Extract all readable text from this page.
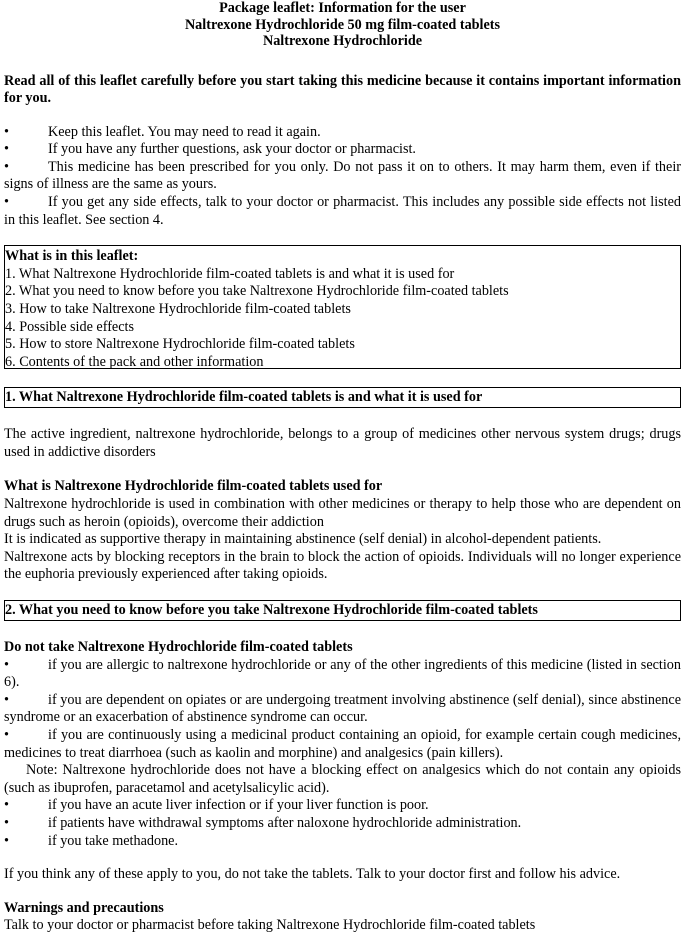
Package leaflet: Information for the user
Naltrexone Hydrochloride 50 mg film-coated tablets
Naltrexone Hydrochloride
Read all of this leaflet carefully before you start taking this medicine because it contains important information for you.
•	Keep this leaflet. You may need to read it again.
•	If you have any further questions, ask your doctor or pharmacist.
•	This medicine has been prescribed for you only. Do not pass it on to others. It may harm them, even if their signs of illness are the same as yours.
•	If you get any side effects, talk to your doctor or pharmacist. This includes any possible side effects not listed in this leaflet. See section 4.
What is in this leaflet:
1. What Naltrexone Hydrochloride film-coated tablets is and what it is used for
2. What you need to know before you take Naltrexone Hydrochloride film-coated tablets
3. How to take Naltrexone Hydrochloride film-coated tablets
4. Possible side effects
5. How to store Naltrexone Hydrochloride film-coated tablets
6. Contents of the pack and other information
1. What Naltrexone Hydrochloride film-coated tablets is and what it is used for
The active ingredient, naltrexone hydrochloride, belongs to a group of medicines other nervous system drugs; drugs used in addictive disorders
What is Naltrexone Hydrochloride film-coated tablets used for
Naltrexone hydrochloride is used in combination with other medicines or therapy to help those who are dependent on drugs such as heroin (opioids), overcome their addiction
It is indicated as supportive therapy in maintaining abstinence (self denial) in alcohol-dependent patients.
Naltrexone acts by blocking receptors in the brain to block the action of opioids. Individuals will no longer experience the euphoria previously experienced after taking opioids.
2. What you need to know before you take Naltrexone Hydrochloride film-coated tablets
Do not take Naltrexone Hydrochloride film-coated tablets
•	if you are allergic to naltrexone hydrochloride or any of the other ingredients of this medicine (listed in section 6).
•	if you are dependent on opiates or are undergoing treatment involving abstinence (self denial), since abstinence syndrome or an exacerbation of abstinence syndrome can occur.
•	if you are continuously using a medicinal product containing an opioid, for example certain cough medicines, medicines to treat diarrhoea (such as kaolin and morphine) and analgesics (pain killers).
Note: Naltrexone hydrochloride does not have a blocking effect on analgesics which do not contain any opioids (such as ibuprofen, paracetamol and acetylsalicylic acid).
•	if you have an acute liver infection or if your liver function is poor.
•	if patients have withdrawal symptoms after naloxone hydrochloride administration.
•	if you take methadone.
If you think any of these apply to you, do not take the tablets. Talk to your doctor first and follow his advice.
Warnings and precautions
Talk to your doctor or pharmacist before taking Naltrexone Hydrochloride film-coated tablets
